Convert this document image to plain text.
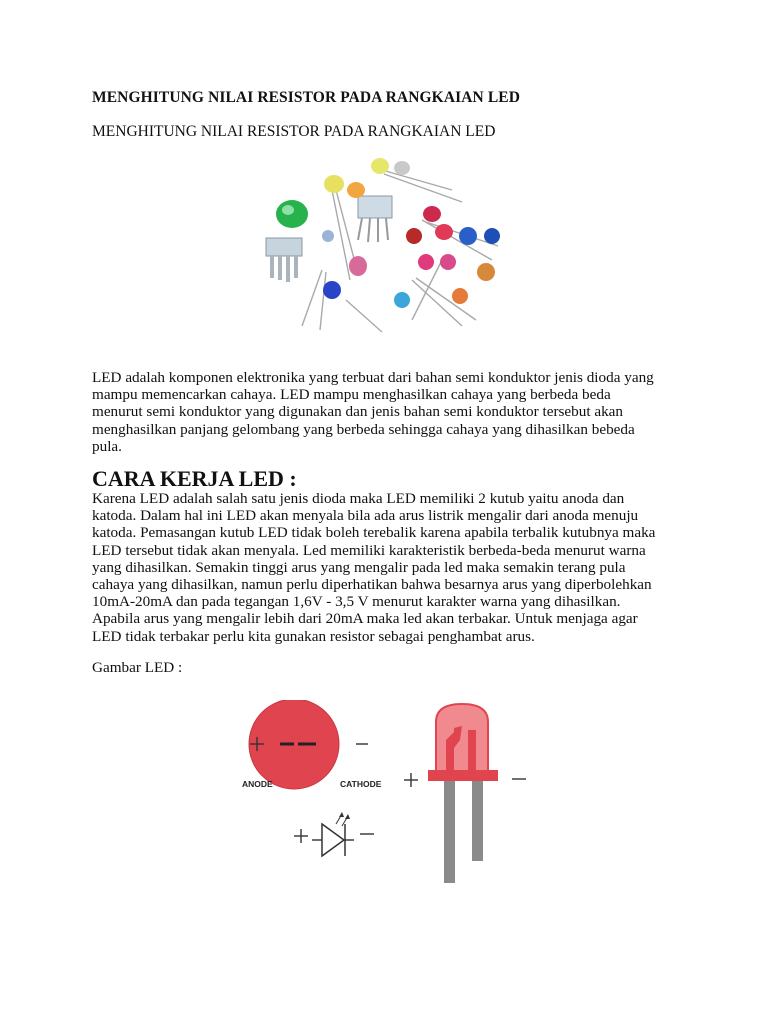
MENGHITUNG NILAI RESISTOR PADA RANGKAIAN LED
MENGHITUNG NILAI RESISTOR PADA RANGKAIAN LED
LED adalah komponen elektronika yang terbuat dari bahan semi konduktor jenis dioda yang
mampu memencarkan cahaya. LED mampu menghasilkan cahaya yang berbeda beda
menurut semi konduktor yang digunakan dan jenis bahan semi konduktor tersebut akan
menghasilkan panjang gelombang yang berbeda sehingga cahaya yang dihasilkan bebeda
pula.
CARA KERJA LED :
Karena LED adalah salah satu jenis dioda maka LED memiliki 2 kutub yaitu anoda dan
katoda. Dalam hal ini LED akan menyala bila ada arus listrik mengalir dari anoda menuju
katoda. Pemasangan kutub LED tidak boleh terebalik karena apabila terbalik kutubnya maka
LED tersebut tidak akan menyala. Led memiliki karakteristik berbeda-beda menurut warna
yang dihasilkan. Semakin tinggi arus yang mengalir pada led maka semakin terang pula
cahaya yang dihasilkan, namun perlu diperhatikan bahwa besarnya arus yang diperbolehkan
10mA-20mA dan pada tegangan 1,6V - 3,5 V menurut karakter warna yang dihasilkan.
Apabila arus yang mengalir lebih dari 20mA maka led akan terbakar. Untuk menjaga agar
LED tidak terbakar perlu kita gunakan resistor sebagai penghambat arus.
Gambar LED :
ANODE	CATHODE
